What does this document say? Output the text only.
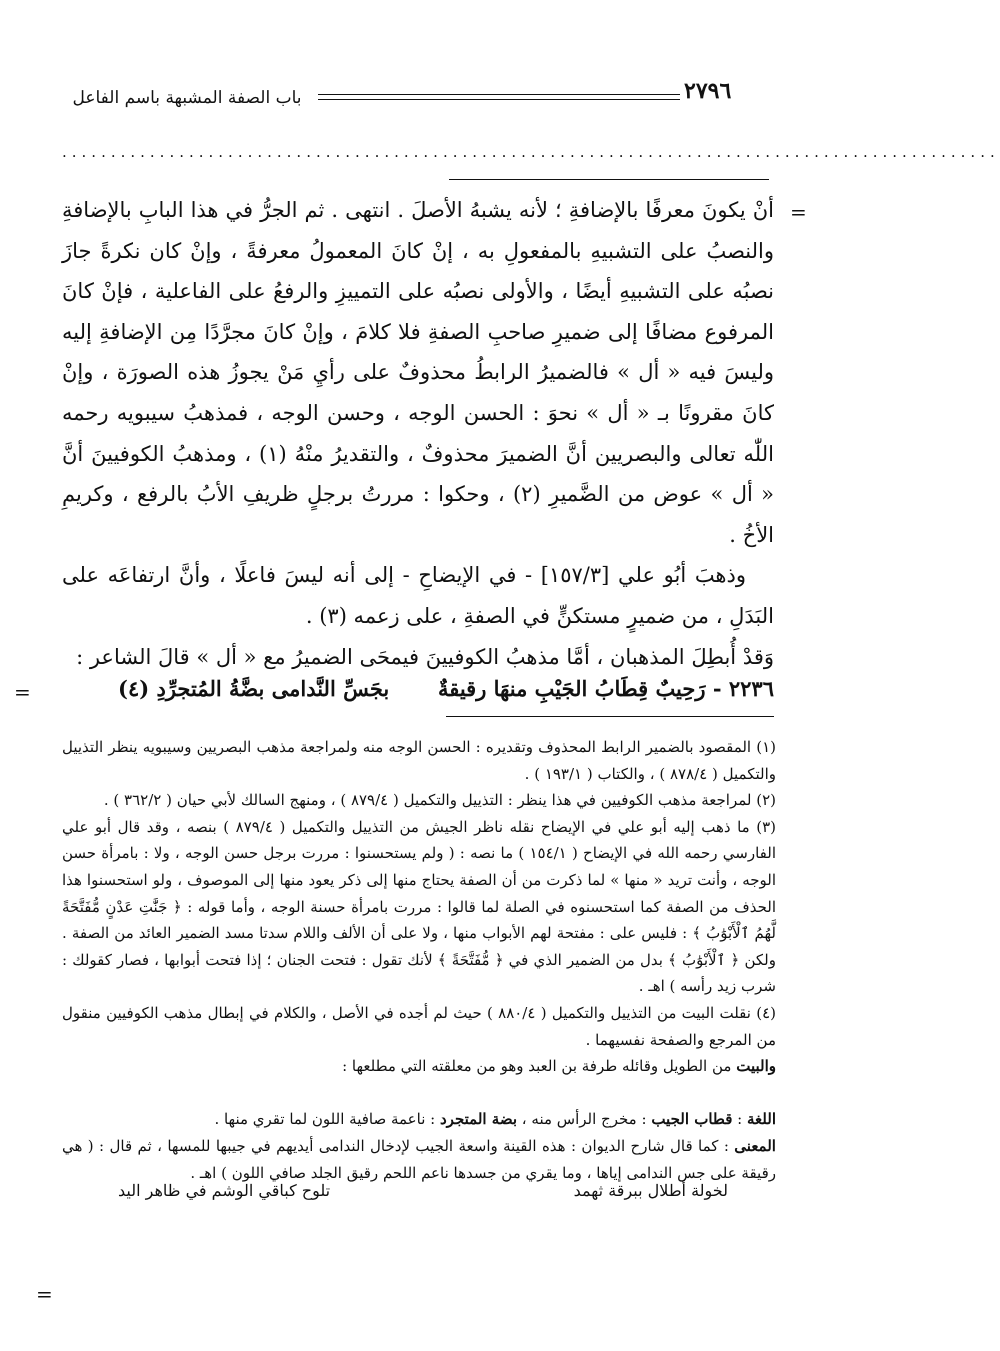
٢٧٩٦
باب الصفة المشبهة باسم الفاعل
................................................................................................
=

أنْ يكونَ معرفًا بالإضافةِ ؛ لأنه يشبهُ الأصلَ . انتهى . ثم الجرُّ في هذا البابِ بالإضافةِ والنصبُ على التشبيهِ بالمفعولِ به ، إنْ كانَ المعمولُ معرفةً ، وإنْ كان نكرةً جازَ نصبُه على التشبيهِ أيضًا ، والأولى نصبُه على التمييزِ والرفعُ على الفاعلية ، فإنْ كانَ المرفوع مضافًا إلى ضميرِ صاحبِ الصفةِ فلا كلامَ ، وإنْ كانَ مجرَّدًا مِن الإضافةِ إليه وليسَ فيه « أل » فالضميرُ الرابطُ محذوفٌ على رأيِ مَنْ يجوزُ هذه الصورَة ، وإنْ كانَ مقرونًا بـ « أل » نحوَ : الحسن الوجه ، وحسن الوجه ، فمذهبُ سيبويه رحمه اللّٰه تعالى والبصريين أنَّ الضميرَ محذوفٌ ، والتقديرُ منْهُ (١) ، ومذهبُ الكوفيينَ أنَّ « أل » عوض من الضَّميرِ (٢) ، وحكوا : مررتُ برجلٍ ظريفِ الأبُ بالرفع ، وكريمِ الأخُ .

وذهبَ أبُو علي [١٥٧/٣] - في الإيضاحِ - إلى أنه ليسَ فاعلًا ، وأنَّ ارتفاعَه على البَدَلِ ، من ضميرٍ مستكنٍّ في الصفةِ ، على زعمه (٣) .

وَقدْ أُبطِلَ المذهبان ، أمَّا مذهبُ الكوفيينَ فيمحَى الضميرُ مع « أل » قالَ الشاعر :

٢٢٣٦ - رَحِيبٌ قِطَابُ الجَيْبِ منهَا رقيقةٌ
بجَسِّ النَّدامى بضَّةُ المُتجرِّدِ (٤)
=

(١) المقصود بالضمير الرابط المحذوف وتقديره : الحسن الوجه منه ولمراجعة مذهب البصريين وسيبويه ينظر التذييل والتكميل ( ٨٧٨/٤ ) ، والكتاب ( ١٩٣/١ ) .

(٢) لمراجعة مذهب الكوفيين في هذا ينظر : التذييل والتكميل ( ٨٧٩/٤ ) ، ومنهج السالك لأبي حيان ( ٣٦٢/٢ ) .

(٣) ما ذهب إليه أبو علي في الإيضاح نقله ناظر الجيش من التذييل والتكميل ( ٨٧٩/٤ ) بنصه ، وقد قال أبو علي الفارسي رحمه الله في الإيضاح ( ١٥٤/١ ) ما نصه : ( ولم يستحسنوا : مررت برجل حسن الوجه ، ولا : بامرأة حسن الوجه ، وأنت تريد « منها » لما ذكرت من أن الصفة يحتاج منها إلى ذكر يعود منها إلى الموصوف ، ولو استحسنوا هذا الحذف من الصفة كما استحسنوه في الصلة لما قالوا : مررت بامرأة حسنة الوجه ، وأما قوله : ﴿ جَنَّٰتِ عَدْنٍ مُّفَتَّحَةً لَّهُمُ ٱلْأَبْوَٰبُ ﴾ : فليس على : مفتحة لهم الأبواب منها ، ولا على أن الألف واللام سدتا مسد الضمير العائد من الصفة . ولكن ﴿ ٱلْأَبْوَٰبُ ﴾ بدل من الضمير الذي في ﴿ مُّفَتَّحَةً ﴾ لأنك تقول : فتحت الجنان ؛ إذا فتحت أبوابها ، فصار كقولك : شرب زيد رأسه ) اهـ .

(٤) نقلت البيت من التذييل والتكميل ( ٨٨٠/٤ ) حيث لم أجده في الأصل ، والكلام في إبطال مذهب الكوفيين منقول من المرجع والصفحة نفسيهما .

والبيت من الطويل وقائله طرفة بن العبد وهو من معلقته التي مطلعها :

اللغة : قطاب الجيب : مخرج الرأس منه ، بضة المتجرد : ناعمة صافية اللون لما تقري منها .

المعنى : كما قال شارح الديوان : هذه القينة واسعة الجيب لإدخال الندامى أيديهم في جيبها للمسها ، ثم قال : ( هي رقيقة على جس الندامى إياها ، وما يقري من جسدها ناعم اللحم رقيق الجلد صافي اللون ) اهـ .

لخولة أطلال ببرقة ثهمد
تلوح كباقي الوشم في ظاهر اليد
=
